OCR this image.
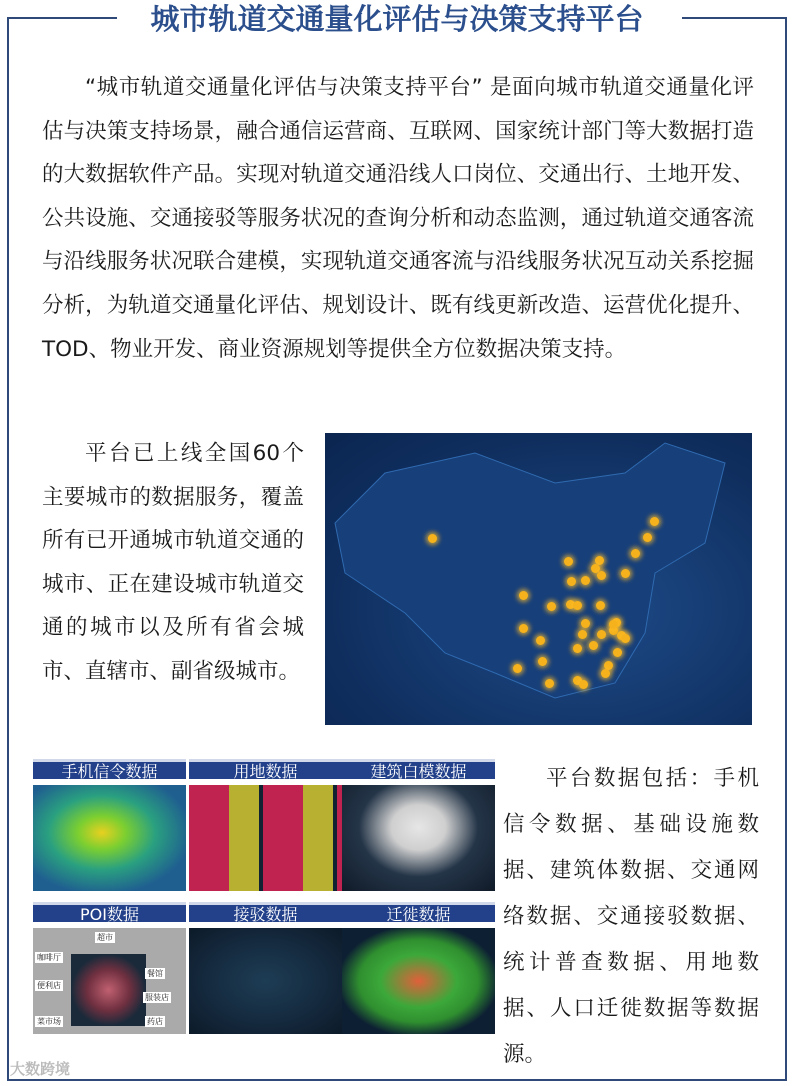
城市轨道交通量化评估与决策支持平台

“城市轨道交通量化评估与决策支持平台” 是面向城市轨道交通量化评估与决策支持场景，融合通信运营商、互联网、国家统计部门等大数据打造的大数据软件产品。实现对轨道交通沿线人口岗位、交通出行、土地开发、公共设施、交通接驳等服务状况的查询分析和动态监测，通过轨道交通客流与沿线服务状况联合建模，实现轨道交通客流与沿线服务状况互动关系挖掘分析，为轨道交通量化评估、规划设计、既有线更新改造、运营优化提升、TOD、物业开发、商业资源规划等提供全方位数据决策支持。

平台已上线全国60个主要城市的数据服务，覆盖所有已开通城市轨道交通的城市、正在建设城市轨道交通的城市以及所有省会城市、直辖市、副省级城市。

手机信令数据	用地数据	建筑白模数据
POI数据
超市
咖啡厅
餐馆
便利店
服装店
菜市场	药店
接驳数据	迁徙数据

平台数据包括：手机信令数据、基础设施数据、建筑体数据、交通网络数据、交通接驳数据、统计普查数据、用地数据、人口迁徙数据等数据源。

大数跨境
